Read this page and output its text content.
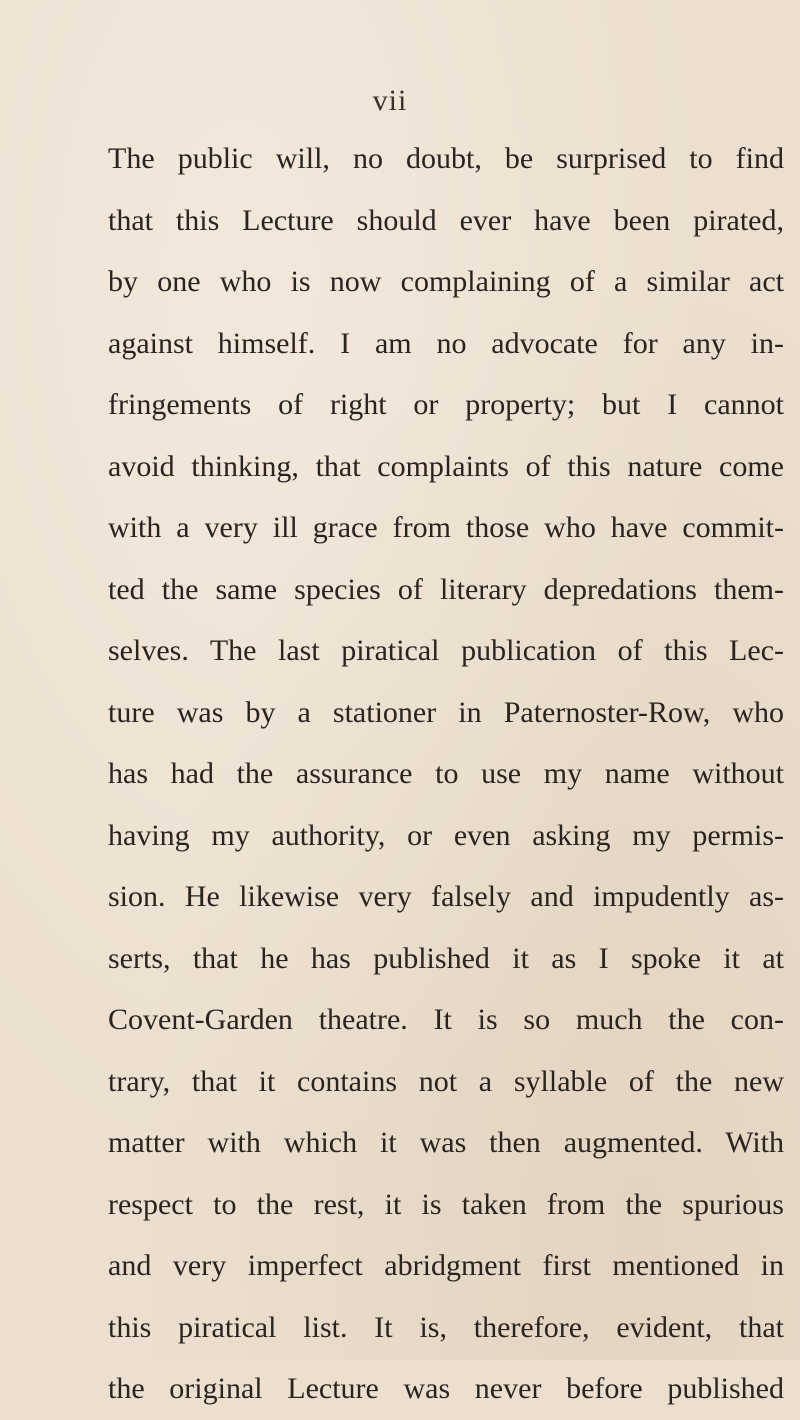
vii
The public will, no doubt, be surprised to find
that this Lecture should ever have been pirated,
by one who is now complaining of a similar act
against himself. I am no advocate for any in-
fringements of right or property; but I cannot
avoid thinking, that complaints of this nature come
with a very ill grace from those who have commit-
ted the same species of literary depredations them-
selves. The last piratical publication of this Lec-
ture was by a stationer in Paternoster-Row, who
has had the assurance to use my name without
having my authority, or even asking my permis-
sion. He likewise very falsely and impudently as-
serts, that he has published it as I spoke it at
Covent-Garden theatre. It is so much the con-
trary, that it contains not a syllable of the new
matter with which it was then augmented. With
respect to the rest, it is taken from the spurious
and very imperfect abridgment first mentioned in
this piratical list. It is, therefore, evident, that
the original Lecture was never before published
